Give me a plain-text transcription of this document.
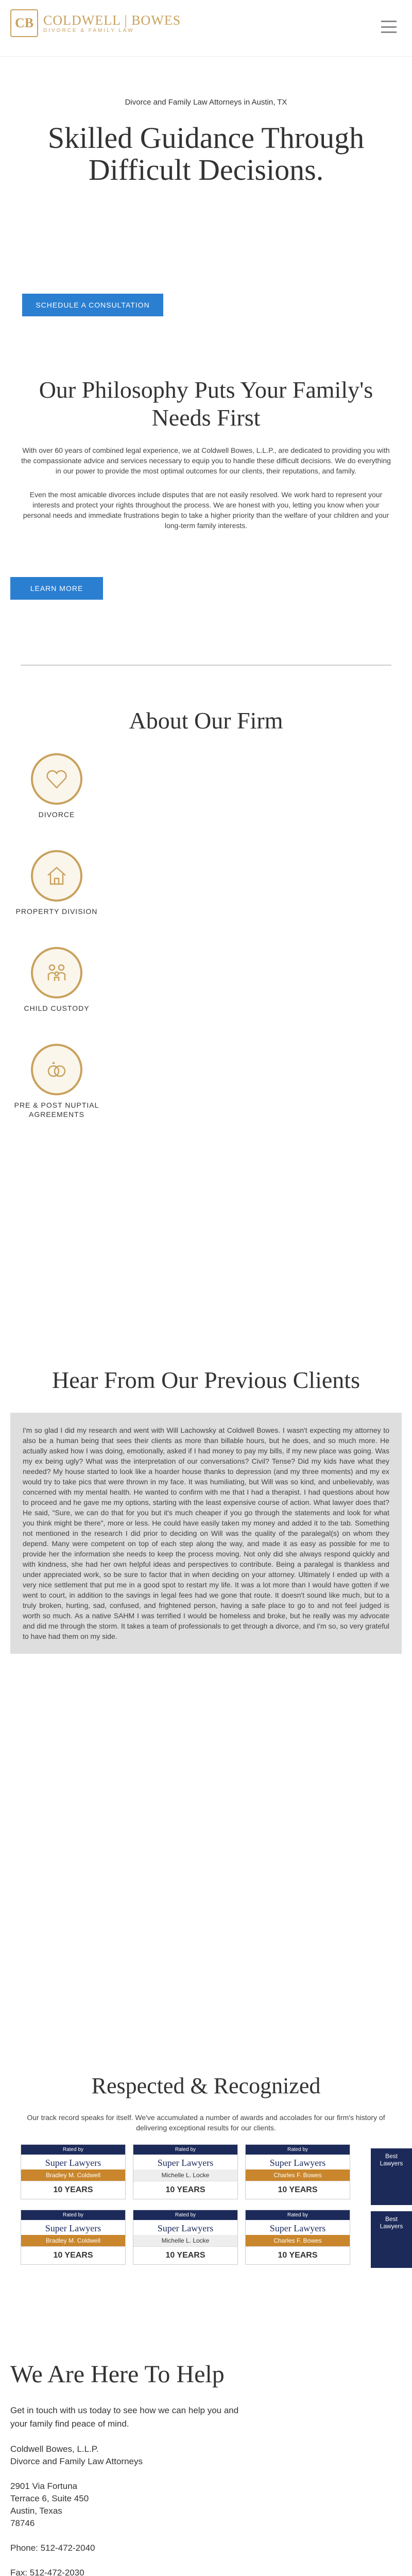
CB COLDWELL | BOWES
DIVORCE & FAMILY LAW
Divorce and Family Law Attorneys in Austin, TX
Skilled Guidance Through Difficult Decisions.
SCHEDULE A CONSULTATION
Our Philosophy Puts Your Family's Needs First

With over 60 years of combined legal experience, we at Coldwell Bowes, L.L.P., are dedicated to providing you with the compassionate advice and services necessary to equip you to handle these difficult decisions. We do everything in our power to provide the most optimal outcomes for our clients, their reputations, and family.

Even the most amicable divorces include disputes that are not easily resolved. We work hard to represent your interests and protect your rights throughout the process. We are honest with you, letting you know when your personal needs and immediate frustrations begin to take a higher priority than the welfare of your children and your long-term family interests.

LEARN MORE
About Our Firm
DIVORCE
PROPERTY DIVISION
CHILD CUSTODY
PRE & POST NUPTIAL AGREEMENTS
Hear From Our Previous Clients
I'm so glad I did my research and went with Will Lachowsky at Coldwell Bowes. I wasn't expecting my attorney to also be a human being that sees their clients as more than billable hours, but he does, and so much more. He actually asked how I was doing, emotionally, asked if I had money to pay my bills, if my new place was going. Was my ex being ugly? What was the interpretation of our conversations? Civil? Tense? Did my kids have what they needed? My house started to look like a hoarder house thanks to depression (and my three moments) and my ex would try to take pics that were thrown in my face. It was humiliating, but Will was so kind, and unbelievably, was concerned with my mental health. He wanted to confirm with me that I had a therapist. I had questions about how to proceed and he gave me my options, starting with the least expensive course of action. What lawyer does that? He said, "Sure, we can do that for you but it's much cheaper if you go through the statements and look for what you think might be there", more or less. He could have easily taken my money and added it to the tab. Something not mentioned in the research I did prior to deciding on Will was the quality of the paralegal(s) on whom they depend. Many were competent on top of each step along the way, and made it as easy as possible for me to provide her the information she needs to keep the process moving. Not only did she always respond quickly and with kindness, she had her own helpful ideas and perspectives to contribute. Being a paralegal is thankless and under appreciated work, so be sure to factor that in when deciding on your attorney. Ultimately I ended up with a very nice settlement that put me in a good spot to restart my life. It was a lot more than I would have gotten if we went to court, in addition to the savings in legal fees had we gone that route. It doesn't sound like much, but to a truly broken, hurting, sad, confused, and frightened person, having a safe place to go to and not feel judged is worth so much. As a native SAHM I was terrified I would be homeless and broke, but he really was my advocate and did me through the storm. It takes a team of professionals to get through a divorce, and I'm so, so very grateful to have had them on my side.
Respected & Recognized

Our track record speaks for itself. We've accumulated a number of awards and accolades for our firm's history of delivering exceptional results for our clients.

Rated by
Super Lawyers
Bradley M. Coldwell
10 YEARS
Rated by
Super Lawyers
Michelle L. Locke
10 YEARS
Rated by
Super Lawyers
Charles F. Bowes
10 YEARS
Rated by
Super Lawyers
Bradley M. Coldwell
10 YEARS
Rated by
Super Lawyers
Michelle L. Locke
10 YEARS
Rated by
Super Lawyers
Charles F. Bowes
10 YEARS
Best Lawyers
Best Lawyers
We Are Here To Help
Get in touch with us today to see how we can help you and your family find peace of mind.
Coldwell Bowes, L.L.P.
Divorce and Family Law Attorneys
2901 Via Fortuna
Terrace 6, Suite 450
Austin, Texas
78746
Phone: 512-472-2040
Fax: 512-472-2030
